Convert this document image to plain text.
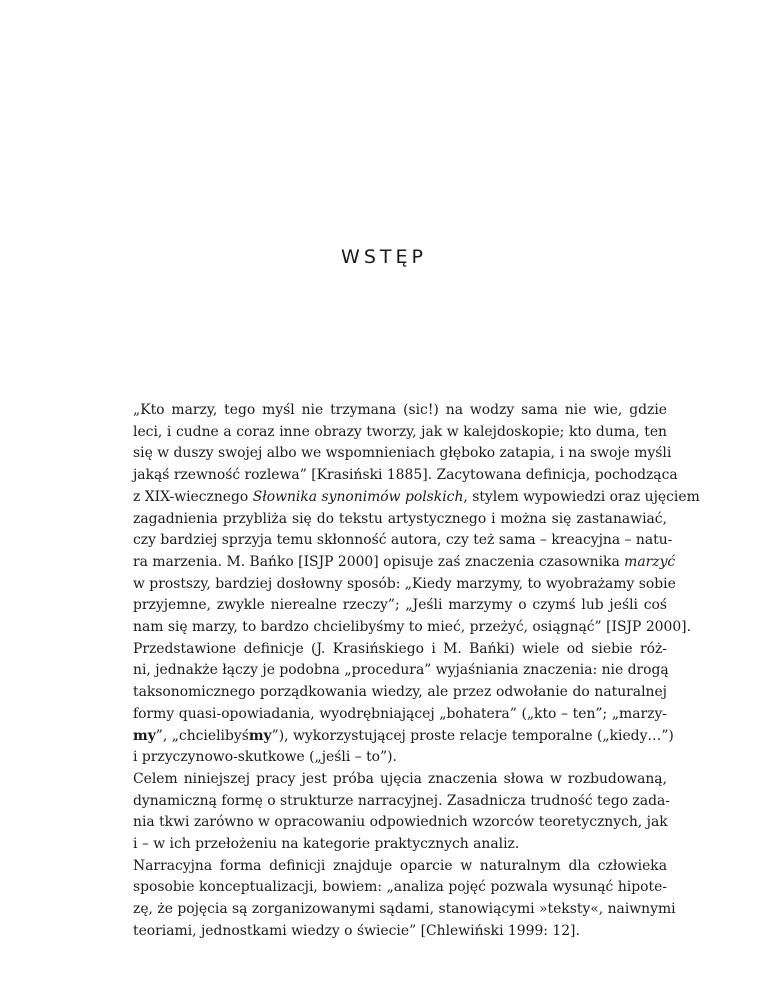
WSTĘP
„Kto marzy, tego myśl nie trzymana (sic!) na wodzy sama nie wie, gdzie
leci, i cudne a coraz inne obrazy tworzy, jak w kalejdoskopie; kto duma, ten
się w duszy swojej albo we wspomnieniach głęboko zatapia, i na swoje myśli
jakąś rzewność rozlewa” [Krasiński 1885]. Zacytowana definicja, pochodząca
z XIX-wiecznego Słownika synonimów polskich, stylem wypowiedzi oraz ujęciem
zagadnienia przybliża się do tekstu artystycznego i można się zastanawiać,
czy bardziej sprzyja temu skłonność autora, czy też sama – kreacyjna – natu-
ra marzenia. M. Bańko [ISJP 2000] opisuje zaś znaczenia czasownika marzyć
w prostszy, bardziej dosłowny sposób: „Kiedy marzymy, to wyobrażamy sobie
przyjemne, zwykle nierealne rzeczy”; „Jeśli marzymy o czymś lub jeśli coś
nam się marzy, to bardzo chcielibyśmy to mieć, przeżyć, osiągnąć” [ISJP 2000].
Przedstawione definicje (J. Krasińskiego i M. Bańki) wiele od siebie róż-
ni, jednakże łączy je podobna „procedura” wyjaśniania znaczenia: nie drogą
taksonomicznego porządkowania wiedzy, ale przez odwołanie do naturalnej
formy quasi-opowiadania, wyodrębniającej „bohatera” („kto – ten”; „marzy-
my”, „chcielibyśmy”), wykorzystującej proste relacje temporalne („kiedy…”)
i przyczynowo-skutkowe („jeśli – to”).
Celem niniejszej pracy jest próba ujęcia znaczenia słowa w rozbudowaną,
dynamiczną formę o strukturze narracyjnej. Zasadnicza trudność tego zada-
nia tkwi zarówno w opracowaniu odpowiednich wzorców teoretycznych, jak
i – w ich przełożeniu na kategorie praktycznych analiz.
Narracyjna forma definicji znajduje oparcie w naturalnym dla człowieka
sposobie konceptualizacji, bowiem: „analiza pojęć pozwala wysunąć hipote-
zę, że pojęcia są zorganizowanymi sądami, stanowiącymi »teksty«, naiwnymi
teoriami, jednostkami wiedzy o świecie” [Chlewiński 1999: 12].
